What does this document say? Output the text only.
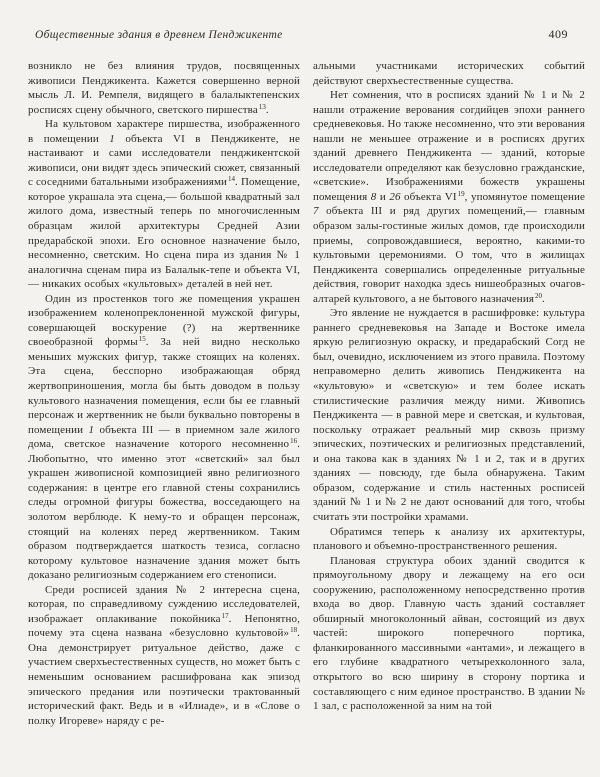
Общественные здания в древнем Пенджикенте	409

возникло не без влияния трудов, посвященных живописи Пенджикента. Кажется совершенно верной мысль Л. И. Ремпеля, видящего в балалыктепенских росписях сцену обычного, светского пиршества$^{13}$.

На культовом характере пиршества, изображенного в помещении 1 объекта VI в Пенджикенте, не настаивают и сами исследователи пенджикентской живописи, они видят здесь эпический сюжет, связанный с соседними батальными изображениями$^{14}$. Помещение, которое украшала эта сцена,— большой квадратный зал жилого дома, известный теперь по многочисленным образцам жилой архитектуры Средней Азии предарабской эпохи. Его основное назначение было, несомненно, светским. Но сцена пира из здания № 1 аналогична сценам пира из Балалык-тепе и объекта VI,— никаких особых «культовых» деталей в ней нет.

Один из простенков того же помещения украшен изображением коленопреклоненной мужской фигуры, совершающей воскурение (?) на жертвеннике своеобразной формы$^{15}$. За ней видно несколько меньших мужских фигур, также стоящих на коленях. Эта сцена, бесспорно изображающая обряд жертвоприношения, могла бы быть доводом в пользу культового назначения помещения, если бы ее главный персонаж и жертвенник не были буквально повторены в помещении 1 объекта III — в приемном зале жилого дома, светское назначение которого несомненно$^{16}$. Любопытно, что именно этот «светский» зал был украшен живописной композицией явно религиозного содержания: в центре его главной стены сохранились следы огромной фигуры божества, восседающего на золотом верблюде. К нему-то и обращен персонаж, стоящий на коленях перед жертвенником. Таким образом подтверждается шаткость тезиса, согласно которому культовое назначение здания может быть доказано религиозным содержанием его стенописи.

Среди росписей здания № 2 интересна сцена, которая, по справедливому суждению исследователей, изображает оплакивание покойника$^{17}$. Непонятно, почему эта сцена названа «безусловно культовой»$^{18}$. Она демонстрирует ритуальное действо, даже с участием сверхъестественных существ, но может быть с неменьшим основанием расшифрована как эпизод эпического предания или поэтически трактованный исторический факт. Ведь и в «Илиаде», и в «Слове о полку Игореве» наряду с ре-

альными участниками исторических событий действуют сверхъестественные существа.

Нет сомнения, что в росписях зданий № 1 и № 2 нашли отражение верования согдийцев эпохи раннего средневековья. Но также несомненно, что эти верования нашли не меньшее отражение и в росписях других зданий древнего Пенджикента — зданий, которые исследователи определяют как безусловно гражданские, «светские». Изображениями божеств украшены помещения 8 и 26 объекта VI$^{19}$, упомянутое помещение 7 объекта III и ряд других помещений,— главным образом залы-гостиные жилых домов, где происходили приемы, сопровождавшиеся, вероятно, какими-то культовыми церемониями. О том, что в жилищах Пенджикента совершались определенные ритуальные действия, говорит находка здесь нишеобразных очагов-алтарей культового, а не бытового назначения$^{20}$.

Это явление не нуждается в расшифровке: культура раннего средневековья на Западе и Востоке имела яркую религиозную окраску, и предарабский Согд не был, очевидно, исключением из этого правила. Поэтому неправомерно делить живопись Пенджикента на «культовую» и «светскую» и тем более искать стилистические различия между ними. Живопись Пенджикента — в равной мере и светская, и культовая, поскольку отражает реальный мир сквозь призму эпических, поэтических и религиозных представлений, и она такова как в зданиях № 1 и 2, так и в других зданиях — повсюду, где была обнаружена. Таким образом, содержание и стиль настенных росписей зданий № 1 и № 2 не дают оснований для того, чтобы считать эти постройки храмами.

Обратимся теперь к анализу их архитектуры, планового и объемно-пространственного решения.

Плановая структура обоих зданий сводится к прямоугольному двору и лежащему на его оси сооружению, расположенному непосредственно против входа во двор. Главную часть зданий составляет обширный многоколонный айван, состоящий из двух частей: широкого поперечного портика, фланкированного массивными «антами», и лежащего в его глубине квадратного четырехколонного зала, открытого во всю ширину в сторону портика и составляющего с ним единое пространство. В здании № 1 зал, с расположенной за ним на той
